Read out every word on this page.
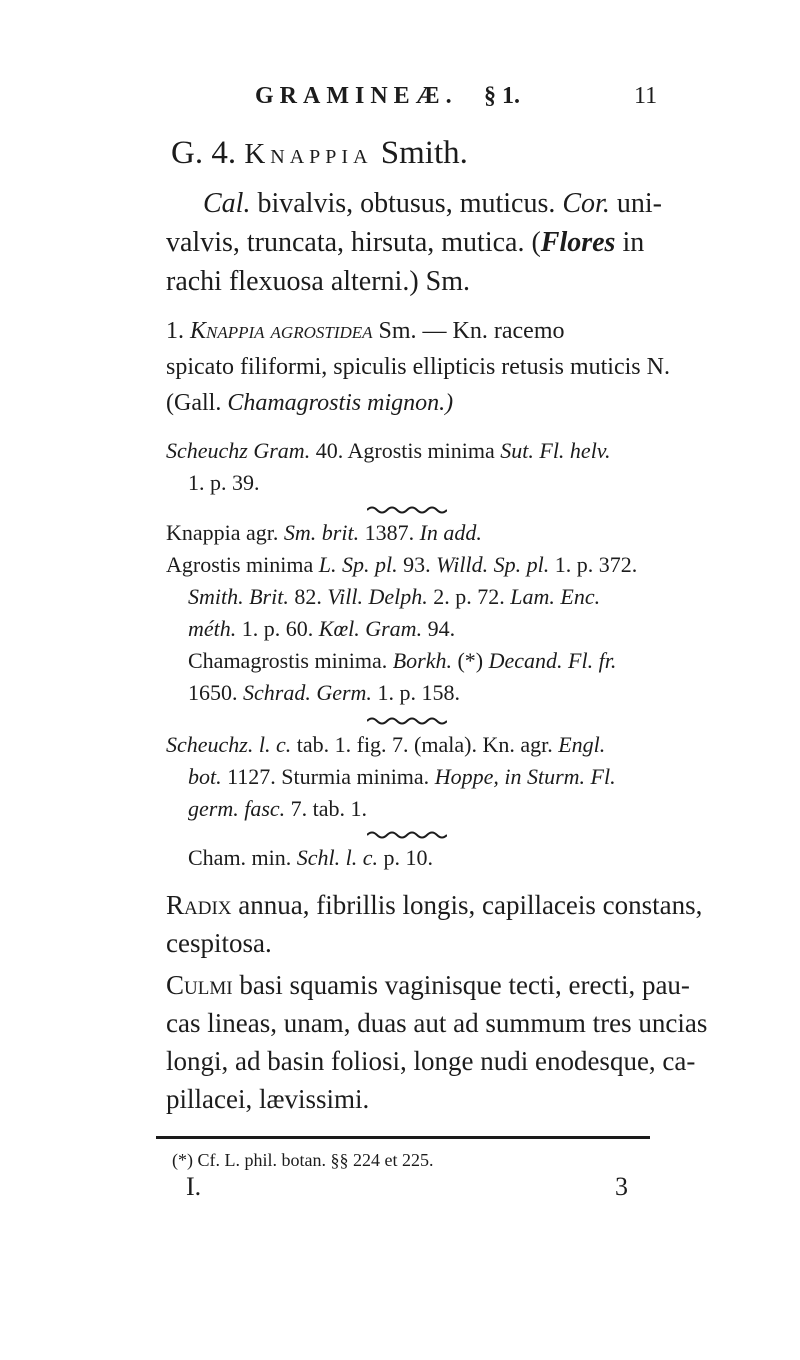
GRAMINEÆ. § 1.	11
G. 4. Knappia Smith.
Cal. bivalvis, obtusus, muticus. Cor. uni-
valvis, truncata, hirsuta, mutica. (Flores in
rachi flexuosa alterni.) Sm.
1. Knappia agrostidea Sm. — Kn. racemo
spicato filiformi, spiculis ellipticis retusis muticis N.
(Gall. Chamagrostis mignon.)
Scheuchz Gram. 40. Agrostis minima Sut. Fl. helv.
1. p. 39.
Knappia agr. Sm. brit. 1387. In add.
Agrostis minima L. Sp. pl. 93. Willd. Sp. pl. 1. p. 372.
Smith. Brit. 82. Vill. Delph. 2. p. 72. Lam. Enc.
méth. 1. p. 60. Kœl. Gram. 94.
Chamagrostis minima. Borkh. (*) Decand. Fl. fr.
1650. Schrad. Germ. 1. p. 158.
Scheuchz. l. c. tab. 1. fig. 7. (mala). Kn. agr. Engl.
bot. 1127. Sturmia minima. Hoppe, in Sturm. Fl.
germ. fasc. 7. tab. 1.
Cham. min. Schl. l. c. p. 10.
Radix annua, fibrillis longis, capillaceis constans,
cespitosa.
Culmi basi squamis vaginisque tecti, erecti, pau-
cas lineas, unam, duas aut ad summum tres uncias
longi, ad basin foliosi, longe nudi enodesque, ca-
pillacei, lævissimi.
(*) Cf. L. phil. botan. §§ 224 et 225.
I.	3
